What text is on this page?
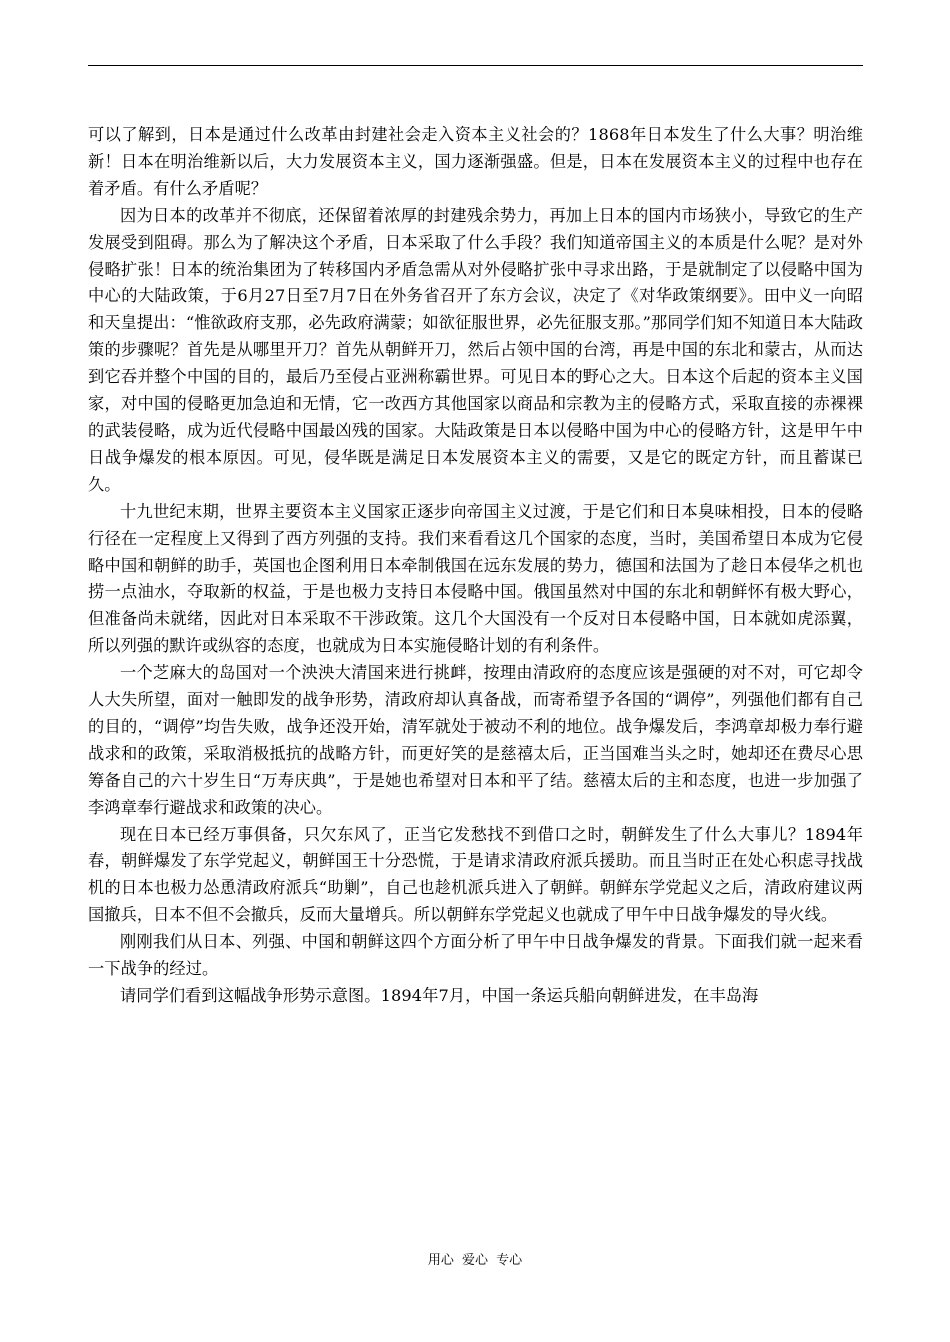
可以了解到，日本是通过什么改革由封建社会走入资本主义社会的？1868年日本发生了什么大事？明治维新！日本在明治维新以后，大力发展资本主义，国力逐渐强盛。但是，日本在发展资本主义的过程中也存在着矛盾。有什么矛盾呢？

因为日本的改革并不彻底，还保留着浓厚的封建残余势力，再加上日本的国内市场狭小，导致它的生产发展受到阻碍。那么为了解决这个矛盾，日本采取了什么手段？我们知道帝国主义的本质是什么呢？是对外侵略扩张！日本的统治集团为了转移国内矛盾急需从对外侵略扩张中寻求出路，于是就制定了以侵略中国为中心的大陆政策，于6月27日至7月7日在外务省召开了东方会议，决定了《对华政策纲要》。田中义一向昭和天皇提出：“惟欲政府支那，必先政府满蒙；如欲征服世界，必先征服支那。”那同学们知不知道日本大陆政策的步骤呢？首先是从哪里开刀？首先从朝鲜开刀，然后占领中国的台湾，再是中国的东北和蒙古，从而达到它吞并整个中国的目的，最后乃至侵占亚洲称霸世界。可见日本的野心之大。日本这个后起的资本主义国家，对中国的侵略更加急迫和无情，它一改西方其他国家以商品和宗教为主的侵略方式，采取直接的赤裸裸的武装侵略，成为近代侵略中国最凶残的国家。大陆政策是日本以侵略中国为中心的侵略方针，这是甲午中日战争爆发的根本原因。可见，侵华既是满足日本发展资本主义的需要，又是它的既定方针，而且蓄谋已久。

十九世纪末期，世界主要资本主义国家正逐步向帝国主义过渡，于是它们和日本臭味相投，日本的侵略行径在一定程度上又得到了西方列强的支持。我们来看看这几个国家的态度，当时，美国希望日本成为它侵略中国和朝鲜的助手，英国也企图利用日本牵制俄国在远东发展的势力，德国和法国为了趁日本侵华之机也捞一点油水，夺取新的权益，于是也极力支持日本侵略中国。俄国虽然对中国的东北和朝鲜怀有极大野心，但准备尚未就绪，因此对日本采取不干涉政策。这几个大国没有一个反对日本侵略中国，日本就如虎添翼，所以列强的默许或纵容的态度，也就成为日本实施侵略计划的有利条件。

一个芝麻大的岛国对一个泱泱大清国来进行挑衅，按理由清政府的态度应该是强硬的对不对，可它却令人大失所望，面对一触即发的战争形势，清政府却认真备战，而寄希望予各国的“调停”，列强他们都有自己的目的，“调停”均告失败，战争还没开始，清军就处于被动不利的地位。战争爆发后，李鸿章却极力奉行避战求和的政策，采取消极抵抗的战略方针，而更好笑的是慈禧太后，正当国难当头之时，她却还在费尽心思筹备自己的六十岁生日“万寿庆典”，于是她也希望对日本和平了结。慈禧太后的主和态度，也进一步加强了李鸿章奉行避战求和政策的决心。

现在日本已经万事俱备，只欠东风了，正当它发愁找不到借口之时，朝鲜发生了什么大事儿？1894年春，朝鲜爆发了东学党起义，朝鲜国王十分恐慌，于是请求清政府派兵援助。而且当时正在处心积虑寻找战机的日本也极力怂恿清政府派兵“助剿”，自己也趁机派兵进入了朝鲜。朝鲜东学党起义之后，清政府建议两国撤兵，日本不但不会撤兵，反而大量增兵。所以朝鲜东学党起义也就成了甲午中日战争爆发的导火线。

刚刚我们从日本、列强、中国和朝鲜这四个方面分析了甲午中日战争爆发的背景。下面我们就一起来看一下战争的经过。

请同学们看到这幅战争形势示意图。1894年7月，中国一条运兵船向朝鲜进发，在丰岛海

用心 爱心 专心
